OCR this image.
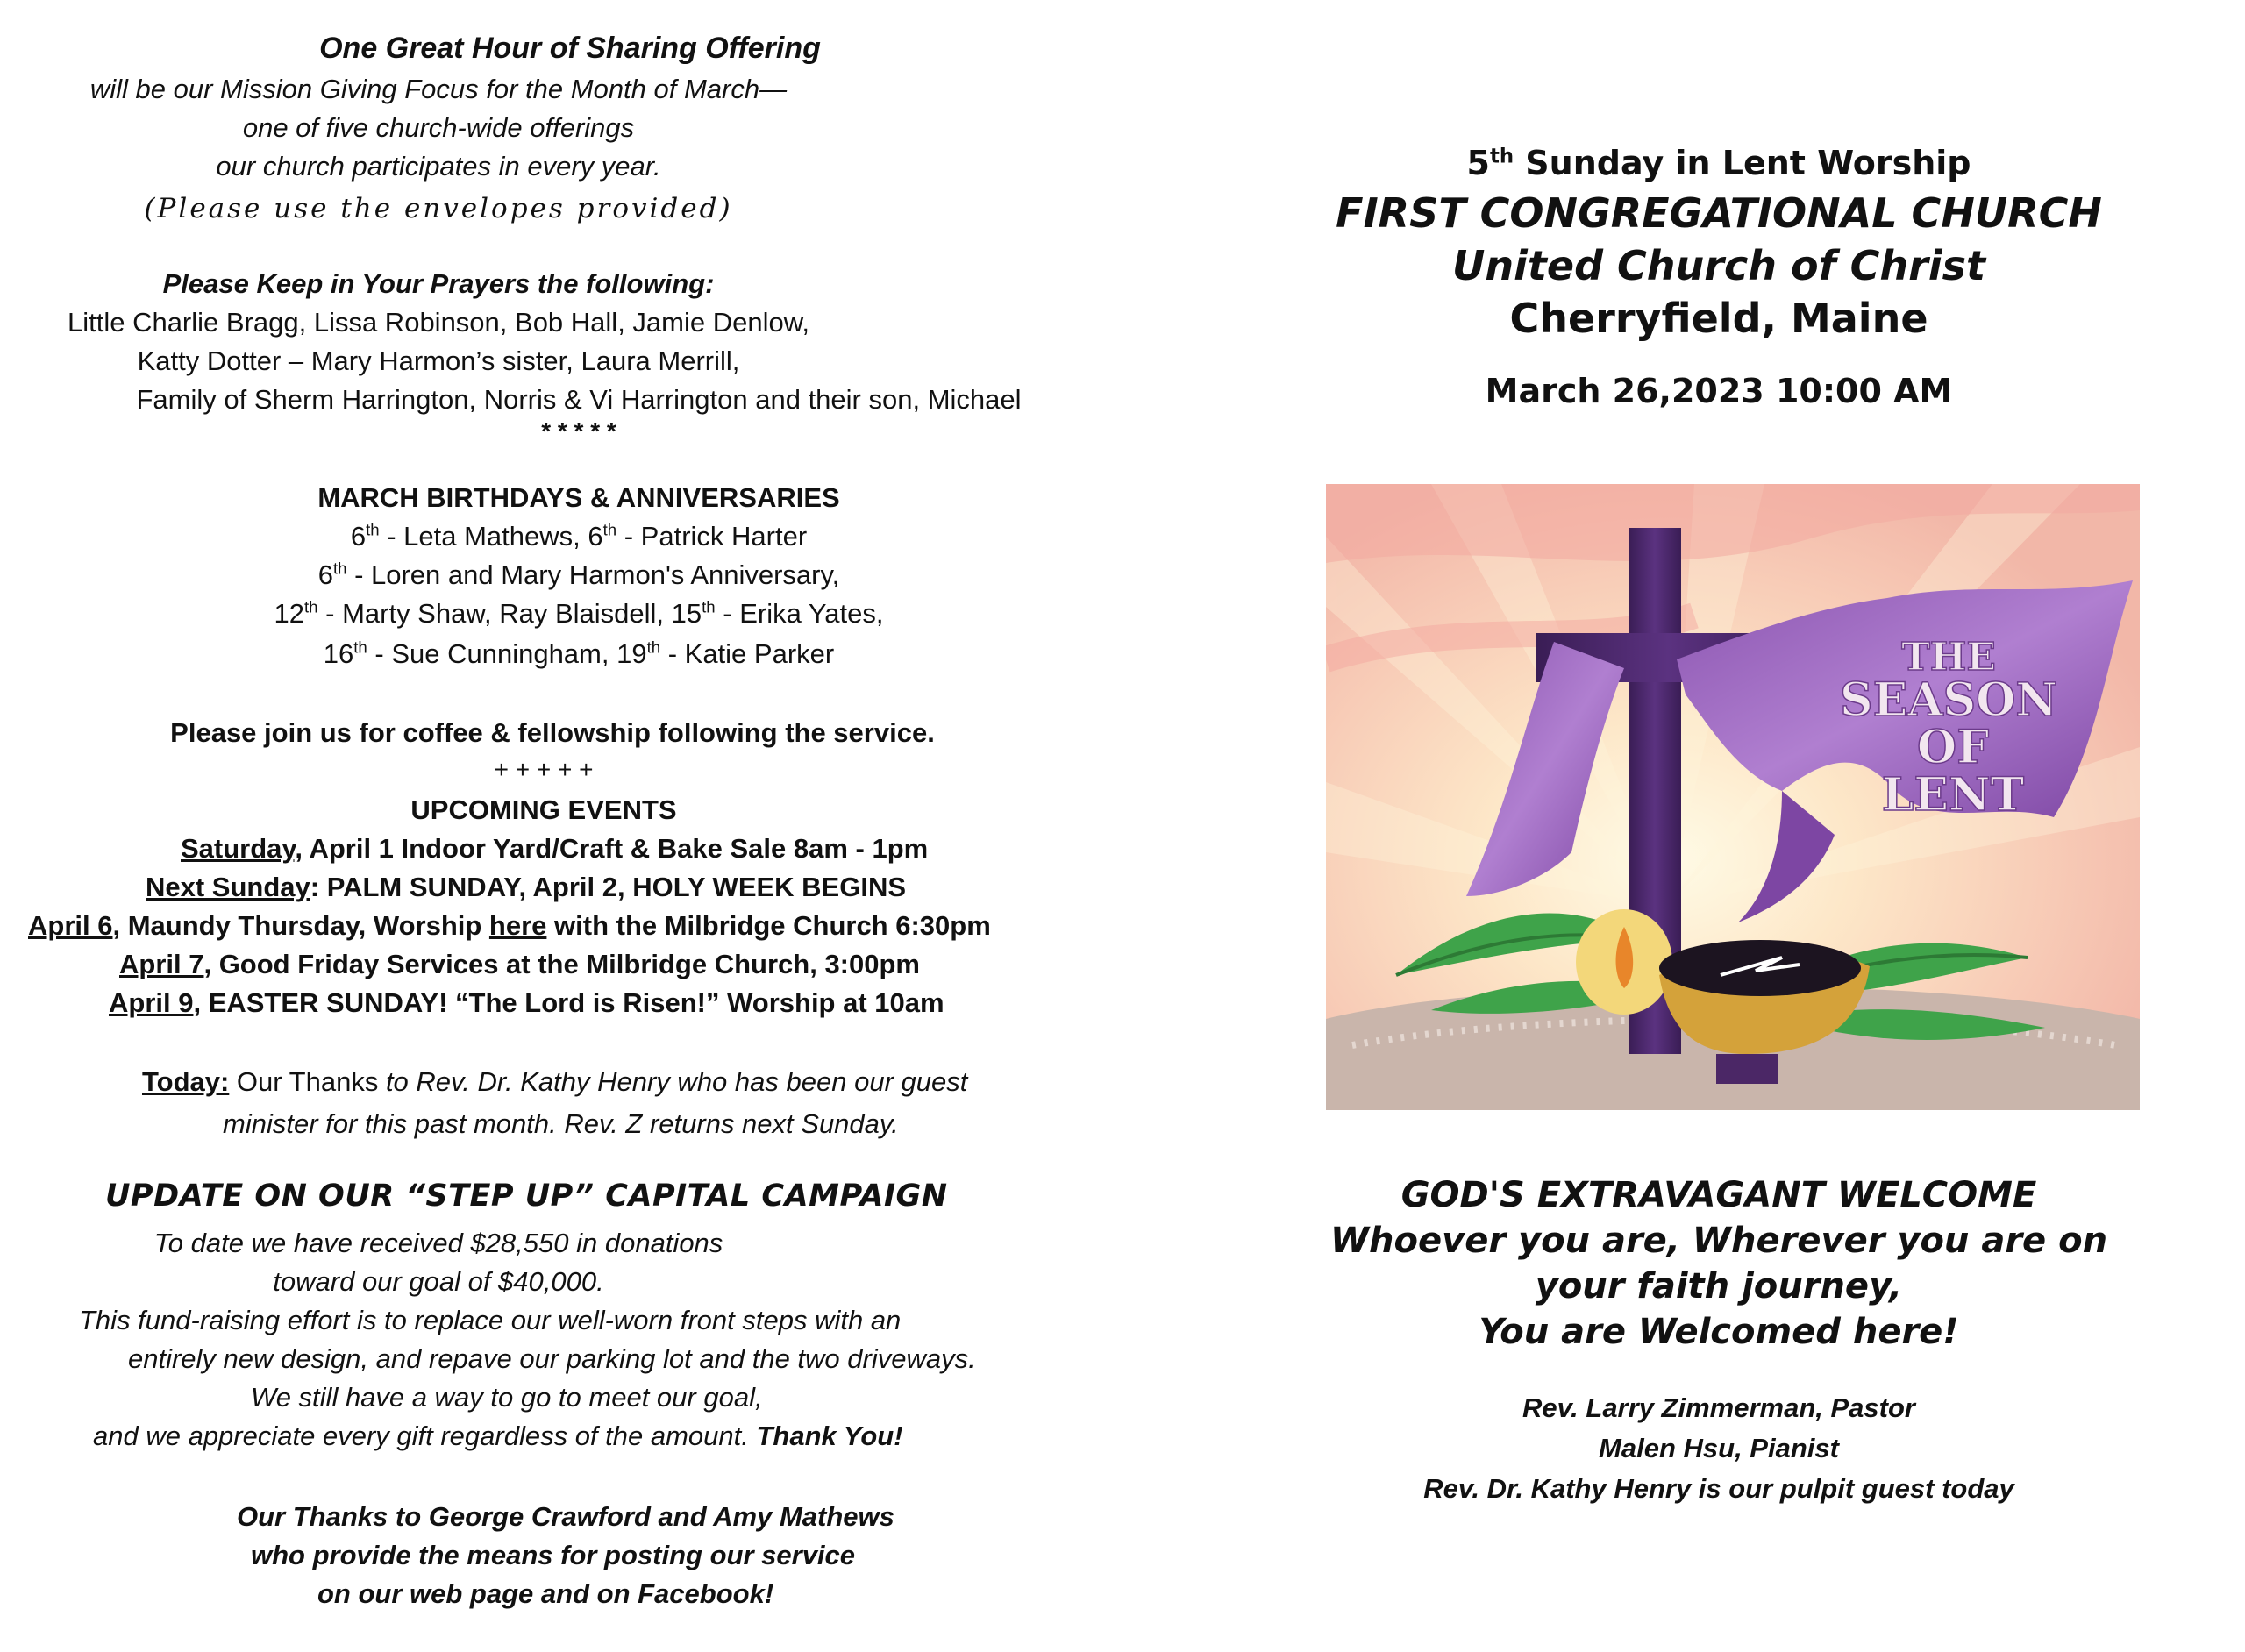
One Great Hour of Sharing Offering
will be our Mission Giving Focus for the Month of March—
one of five church-wide offerings
our church participates in every year.
(Please use the envelopes provided)
Please Keep in Your Prayers the following:
Little Charlie Bragg, Lissa Robinson, Bob Hall, Jamie Denlow,
Katty Dotter – Mary Harmon’s sister, Laura Merrill,
Family of Sherm Harrington, Norris & Vi Harrington and their son, Michael
* * * * *
MARCH BIRTHDAYS & ANNIVERSARIES
6th - Leta Mathews, 6th - Patrick Harter
6th - Loren and Mary Harmon's Anniversary,
12th - Marty Shaw, Ray Blaisdell, 15th - Erika Yates,
16th - Sue Cunningham, 19th - Katie Parker
Please join us for coffee & fellowship following the service.
+ + + + +
UPCOMING EVENTS
Saturday, April 1 Indoor Yard/Craft & Bake Sale 8am - 1pm
Next Sunday: PALM SUNDAY, April 2, HOLY WEEK BEGINS
April 6, Maundy Thursday, Worship here with the Milbridge Church 6:30pm
April 7, Good Friday Services at the Milbridge Church, 3:00pm
April 9, EASTER SUNDAY! “The Lord is Risen!” Worship at 10am
Today: Our Thanks to Rev. Dr. Kathy Henry who has been our guest
minister for this past month. Rev. Z returns next Sunday.
UPDATE ON OUR “STEP UP” CAPITAL CAMPAIGN
To date we have received $28,550 in donations
toward our goal of $40,000.
This fund-raising effort is to replace our well-worn front steps with an
entirely new design, and repave our parking lot and the two driveways.
We still have a way to go to meet our goal,
and we appreciate every gift regardless of the amount. Thank You!
Our Thanks to George Crawford and Amy Mathews
who provide the means for posting our service
on our web page and on Facebook!
5th Sunday in Lent Worship
FIRST CONGREGATIONAL CHURCH
United Church of Christ
Cherryfield, Maine
March 26,2023 10:00 AM
THE
SEASON
OF
LENT
GOD'S EXTRAVAGANT WELCOME
Whoever you are, Wherever you are on
your faith journey,
You are Welcomed here!
Rev. Larry Zimmerman, Pastor
Malen Hsu, Pianist
Rev. Dr. Kathy Henry is our pulpit guest today
